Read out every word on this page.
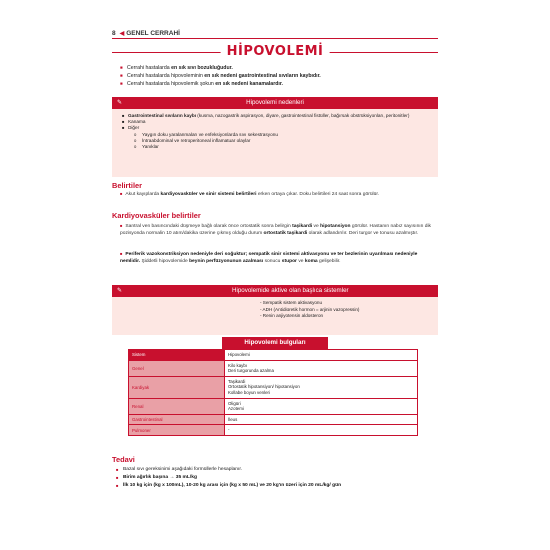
8 ◀ GENEL CERRAHİ
HİPOVOLEMİ
■ Cerrahi hastalarda en sık sıvı bozukluğudur.
■ Cerrahi hastalarda hipovoleminin en sık nedeni gastrointestinal sıvıların kaybıdır.
■ Cerrahi hastalarda hipovolemik şokun en sık nedeni kanamalardır.
✎	Hipovolemi nedenleri
■ Gastrointestinal sıvıların kaybı (kusma, nazogastrik aspirasyon, diyare, gastrointestinal fistüller, bağırsak obstrüksiyonları, peritonitler)
■ Kanama
■ Diğer
o Yaygın doku yaralanmaları ve enfeksiyonlarda sıvı sekestrasyonu
o İntraabdominal ve retroperitoneal inflamatuar olaylar
o Yanıklar
Belirtiler
■ Akut kayıplarda kardiyovasküler ve sinir sistemi belirtileri erken ortaya çıkar. Doku belirtileri 24 saat sonra görülür.
Kardiyovasküler belirtiler
■ Santral ven basıncındaki düşmeye bağlı olarak önce ortostatik sonra belirgin taşikardi ve hipotansiyon görülür. Hastanın nabız sayısının dik pozisyonda normalin 10 atım/dakika üzerine çıkmış olduğu durum ortostatik taşikardi olarak adlandırılır. Deri turgor ve tonusu azalmıştır.
■ Periferik vazokonstriksiyon nedeniyle deri soğuktur; sempatik sinir sistemi aktivasyonu ve ter bezlerinin uyarılması nedeniyle nemlidir. Şiddetli hipovolemide beynin perfüzyonunun azalması sonucu stupor ve koma gelişebilir.
✎	Hipovolemide aktive olan başlıca sistemler
- Sempatik sistem aktivasyonu
- ADH (Antidiüretik hormon = arjinin vazopressin)
- Renin anjiyotensin aldosteron
Hipovolemi bulguları
Sistem	Hipovolemi

Genel	Kilo kaybı
Deri turgorunda azalma

Kardiyak	Taşikardi
Ortostatik hipotansiyon/ hipotansiyon
Kollabe boyun venleri

Renal	Oligüri
Azotemi

Gastrointestinal	İleus

Pulmoner	-
Tedavi
■ Bazal sıvı gereksinimi aşağıdaki formüllerle hesaplanır.
■ Birim ağırlık başına → 35 mL/kg
■ İlk 10 kg için (kg x 100mL), 10-20 kg arası için (kg x 50 mL) ve 20 kg'ın üzeri için 20 mL/kg/ gün
